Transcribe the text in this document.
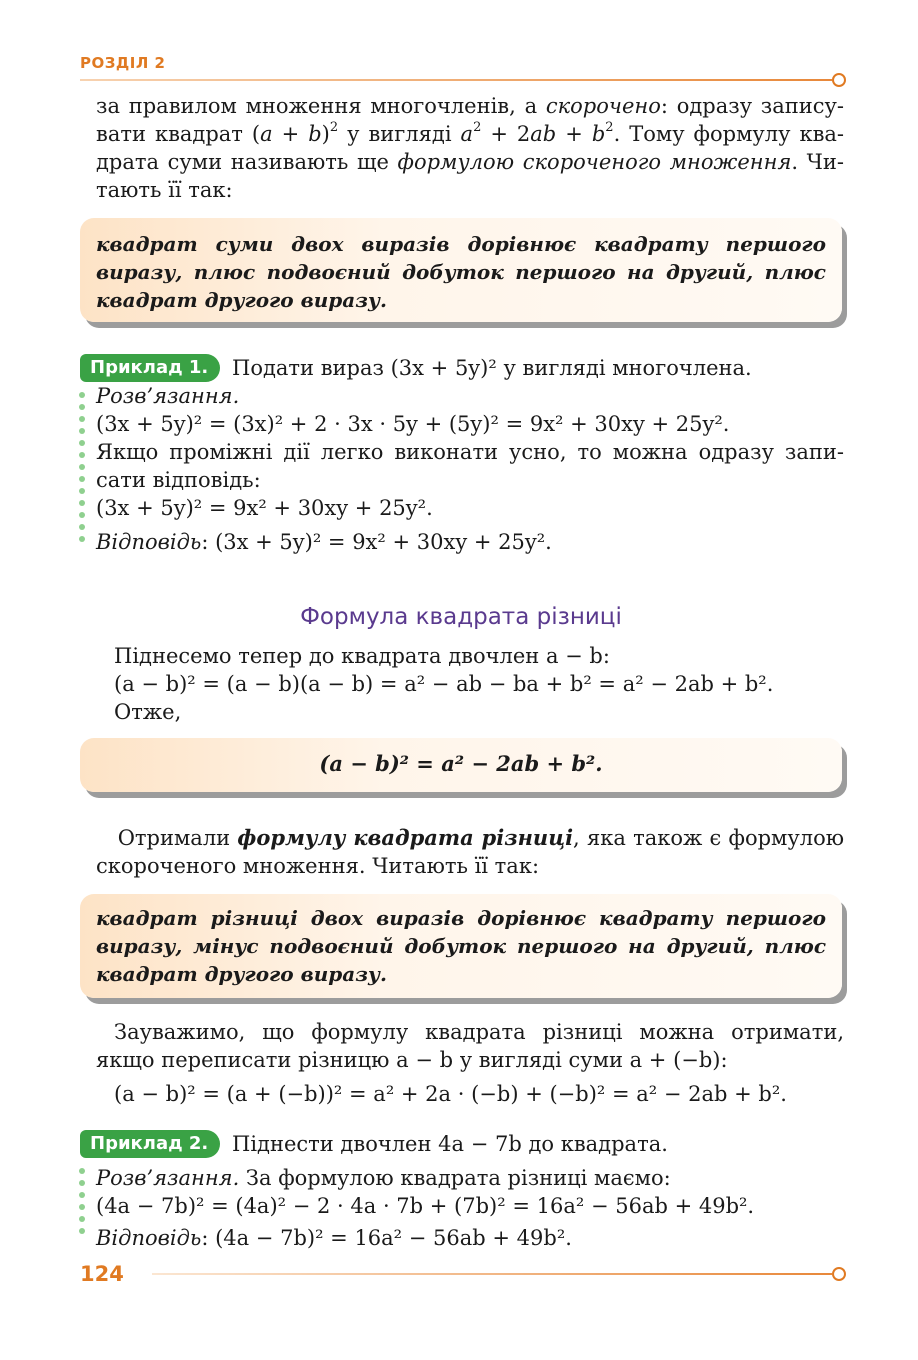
РОЗДІЛ 2
за правилом множення многочленів, а скорочено: одразу запису-
вати квадрат $(a + b)^2$ у вигляді $a^2 + 2ab + b^2$. Тому формулу ква-
драта суми називають ще формулою скороченого множення. Чи-
тають її так:
квадрат суми двох виразів дорівнює квадрату першого
виразу, плюс подвоєний добуток першого на другий, плюс
квадрат другого виразу.
Приклад 1.	Подати вираз (3x + 5y)² у вигляді многочлена.
Розв’язання.
(3x + 5y)² = (3x)² + 2 · 3x · 5y + (5y)² = 9x² + 30xy + 25y².
Якщо проміжні дії легко виконати усно, то можна одразу запи-
сати відповідь:
(3x + 5y)² = 9x² + 30xy + 25y².
Відповідь: (3x + 5y)² = 9x² + 30xy + 25y².
Формула квадрата різниці
Піднесемо тепер до квадрата двочлен a − b:
(a − b)² = (a − b)(a − b) = a² − ab − ba + b² = a² − 2ab + b².
Отже,
(a − b)² = a² − 2ab + b².
Отримали формулу квадрата різниці, яка також є формулою
скороченого множення. Читають її так:
квадрат різниці двох виразів дорівнює квадрату першого
виразу, мінус подвоєний добуток першого на другий, плюс
квадрат другого виразу.
Зауважимо, що формулу квадрата різниці можна отримати,
якщо переписати різницю a − b у вигляді суми a + (−b):
(a − b)² = (a + (−b))² = a² + 2a · (−b) + (−b)² = a² − 2ab + b².
Приклад 2.	Піднести двочлен 4a − 7b до квадрата.
Розв’язання. За формулою квадрата різниці маємо:
(4a − 7b)² = (4a)² − 2 · 4a · 7b + (7b)² = 16a² − 56ab + 49b².
Відповідь: (4a − 7b)² = 16a² − 56ab + 49b².
124
